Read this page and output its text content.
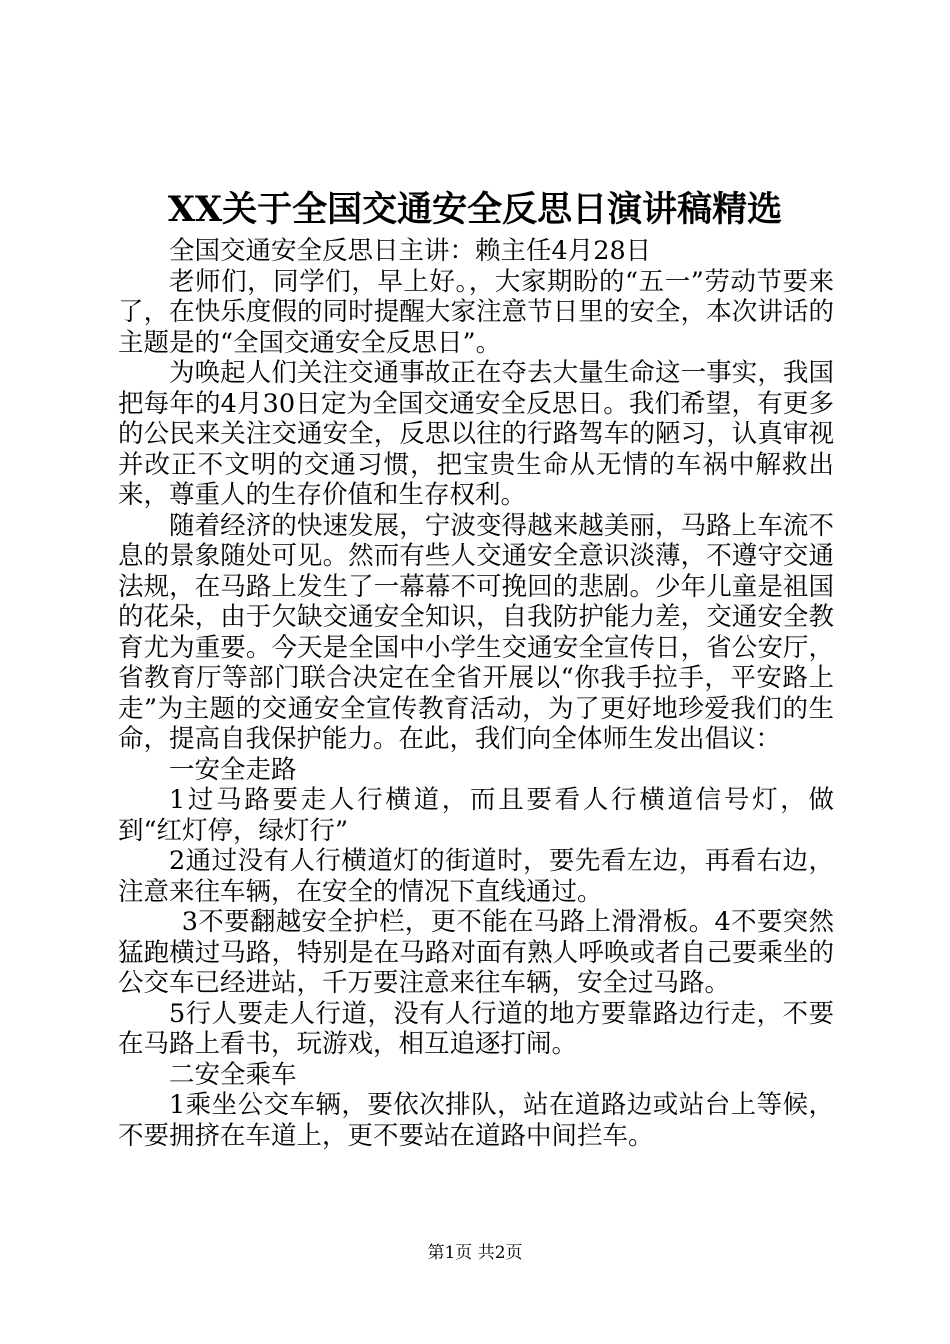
XX关于全国交通安全反思日演讲稿精选

全国交通安全反思日主讲：赖主任4月28日

老师们，同学们，早上好。，大家期盼的“五一”劳动节要来了，在快乐度假的同时提醒大家注意节日里的安全，本次讲话的主题是的“全国交通安全反思日”。

为唤起人们关注交通事故正在夺去大量生命这一事实，我国把每年的4月30日定为全国交通安全反思日。我们希望，有更多的公民来关注交通安全，反思以往的行路驾车的陋习，认真审视并改正不文明的交通习惯，把宝贵生命从无情的车祸中解救出来，尊重人的生存价值和生存权利。

随着经济的快速发展，宁波变得越来越美丽，马路上车流不息的景象随处可见。然而有些人交通安全意识淡薄，不遵守交通法规，在马路上发生了一幕幕不可挽回的悲剧。少年儿童是祖国的花朵，由于欠缺交通安全知识，自我防护能力差，交通安全教育尤为重要。今天是全国中小学生交通安全宣传日，省公安厅，省教育厅等部门联合决定在全省开展以“你我手拉手，平安路上走”为主题的交通安全宣传教育活动，为了更好地珍爱我们的生命，提高自我保护能力。在此，我们向全体师生发出倡议：

一安全走路

1过马路要走人行横道，而且要看人行横道信号灯，做到“红灯停，绿灯行”

2通过没有人行横道灯的街道时，要先看左边，再看右边，注意来往车辆，在安全的情况下直线通过。

3不要翻越安全护栏，更不能在马路上滑滑板。4不要突然猛跑横过马路，特别是在马路对面有熟人呼唤或者自己要乘坐的公交车已经进站，千万要注意来往车辆，安全过马路。

5行人要走人行道，没有人行道的地方要靠路边行走，不要在马路上看书，玩游戏，相互追逐打闹。

二安全乘车

1乘坐公交车辆，要依次排队，站在道路边或站台上等候，不要拥挤在车道上，更不要站在道路中间拦车。

第1页 共2页
